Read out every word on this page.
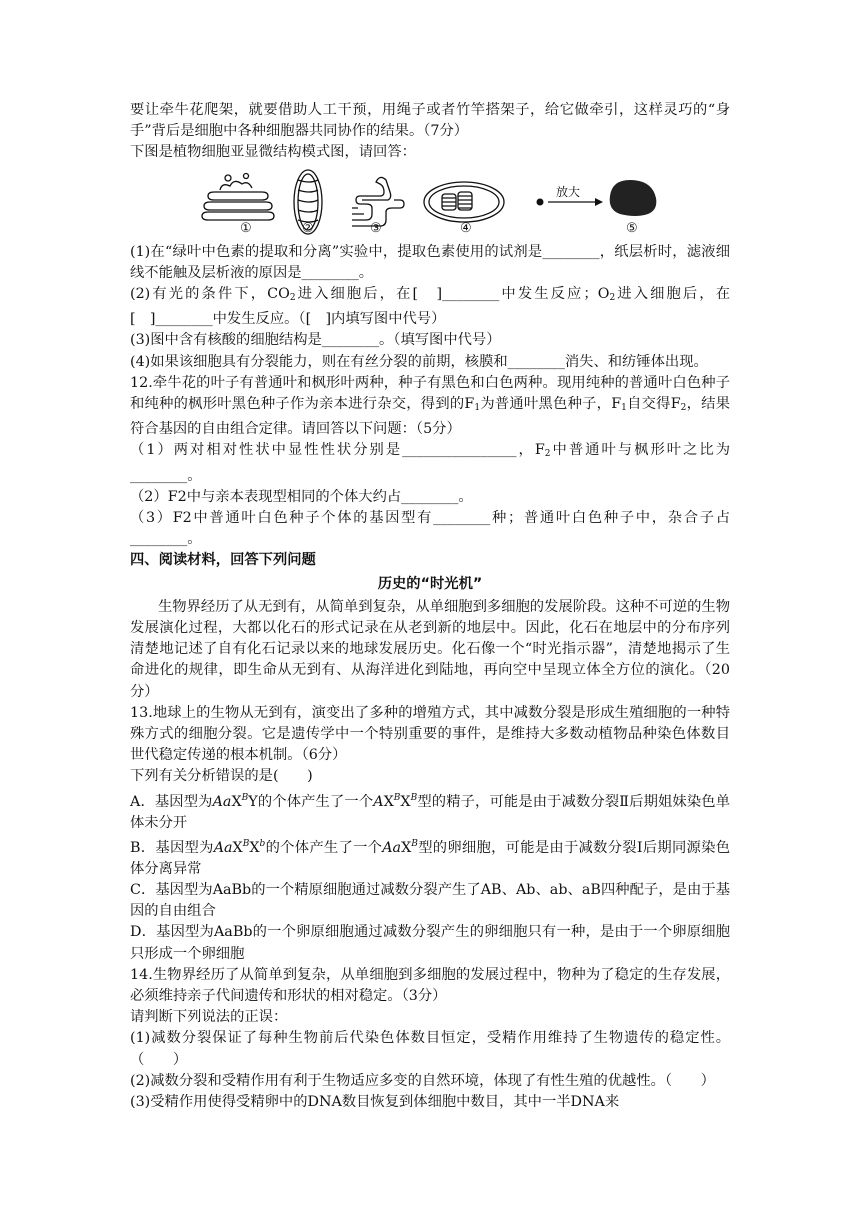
要让牵牛花爬架，就要借助人工干预，用绳子或者竹竿搭架子，给它做牵引，这样灵巧的“身手”背后是细胞中各种细胞器共同协作的结果。（7分）

下图是植物细胞亚显微结构模式图，请回答：

①	②	③	④	⑤
放大

(1)在“绿叶中色素的提取和分离”实验中，提取色素使用的试剂是________，纸层析时，滤液细线不能触及层析液的原因是________。

(2)有光的条件下，$CO_2$进入细胞后，在[　]________中发生反应；$O_2$进入细胞后，在[　]________中发生反应。（[　]内填写图中代号）

(3)图中含有核酸的细胞结构是________。（填写图中代号）

(4)如果该细胞具有分裂能力，则在有丝分裂的前期，核膜和________消失、和纺锤体出现。

12.牵牛花的叶子有普通叶和枫形叶两种，种子有黑色和白色两种。现用纯种的普通叶白色种子和纯种的枫形叶黑色种子作为亲本进行杂交，得到的$F_1$为普通叶黑色种子，$F_1$自交得$F_2$，结果符合基因的自由组合定律。请回答以下问题：（5分）

（1）两对相对性状中显性性状分别是________________，$F_2$中普通叶与枫形叶之比为________。

（2）F2中与亲本表现型相同的个体大约占________。

（3）F2中普通叶白色种子个体的基因型有________种；普通叶白色种子中，杂合子占________。

四、阅读材料，回答下列问题

历史的“时光机”

生物界经历了从无到有，从简单到复杂，从单细胞到多细胞的发展阶段。这种不可逆的生物发展演化过程，大都以化石的形式记录在从老到新的地层中。因此，化石在地层中的分布序列清楚地记述了自有化石记录以来的地球发展历史。化石像一个“时光指示器”，清楚地揭示了生命进化的规律，即生命从无到有、从海洋进化到陆地，再向空中呈现立体全方位的演化。（20分）

13.地球上的生物从无到有，演变出了多种的增殖方式，其中减数分裂是形成生殖细胞的一种特殊方式的细胞分裂。它是遗传学中一个特别重要的事件，是维持大多数动植物品种染色体数目世代稳定传递的根本机制。（6分）

下列有关分析错误的是(　　)

A．基因型为AaX$^B$Y的个体产生了一个$AX^BX^B$型的精子，可能是由于减数分裂Ⅱ后期姐妹染色单体未分开

B．基因型为$AaX^BX^b$的个体产生了一个AaX$^B$型的卵细胞，可能是由于减数分裂Ⅰ后期同源染色体分离异常

C．基因型为AaBb的一个精原细胞通过减数分裂产生了AB、Ab、ab、aB四种配子，是由于基因的自由组合

D．基因型为AaBb的一个卵原细胞通过减数分裂产生的卵细胞只有一种，是由于一个卵原细胞只形成一个卵细胞

14.生物界经历了从简单到复杂，从单细胞到多细胞的发展过程中，物种为了稳定的生存发展，必须维持亲子代间遗传和形状的相对稳定。（3分）

请判断下列说法的正误：

(1)减数分裂保证了每种生物前后代染色体数目恒定，受精作用维持了生物遗传的稳定性。（　　）

(2)减数分裂和受精作用有利于生物适应多变的自然环境，体现了有性生殖的优越性。（　　）

(3)受精作用使得受精卵中的DNA数目恢复到体细胞中数目，其中一半DNA来
